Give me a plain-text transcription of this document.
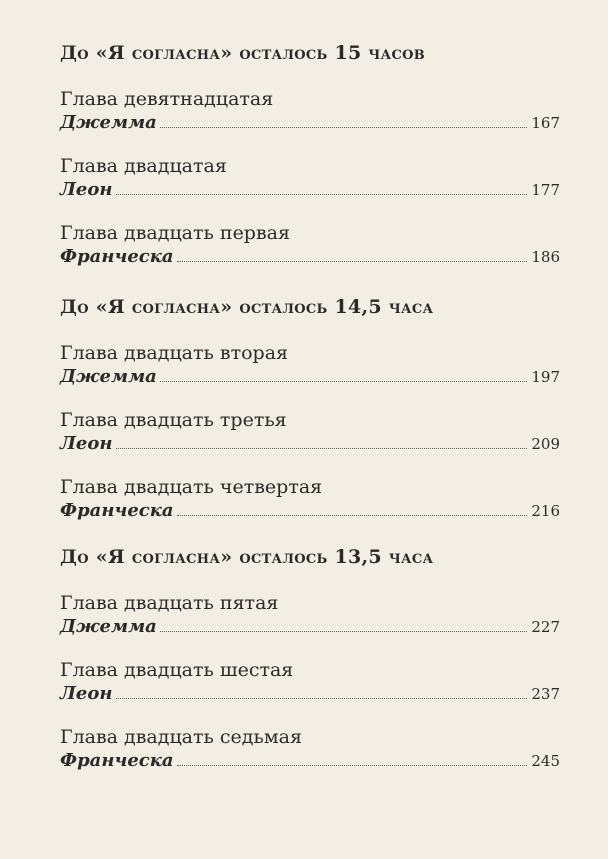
До «Я согласна» осталось 15 часов
Глава девятнадцатая
Джемма	167
Глава двадцатая
Леон	177
Глава двадцать первая
Франческа	186
До «Я согласна» осталось 14,5 часа
Глава двадцать вторая
Джемма	197
Глава двадцать третья
Леон	209
Глава двадцать четвертая
Франческа	216
До «Я согласна» осталось 13,5 часа
Глава двадцать пятая
Джемма	227
Глава двадцать шестая
Леон	237
Глава двадцать седьмая
Франческа	245
